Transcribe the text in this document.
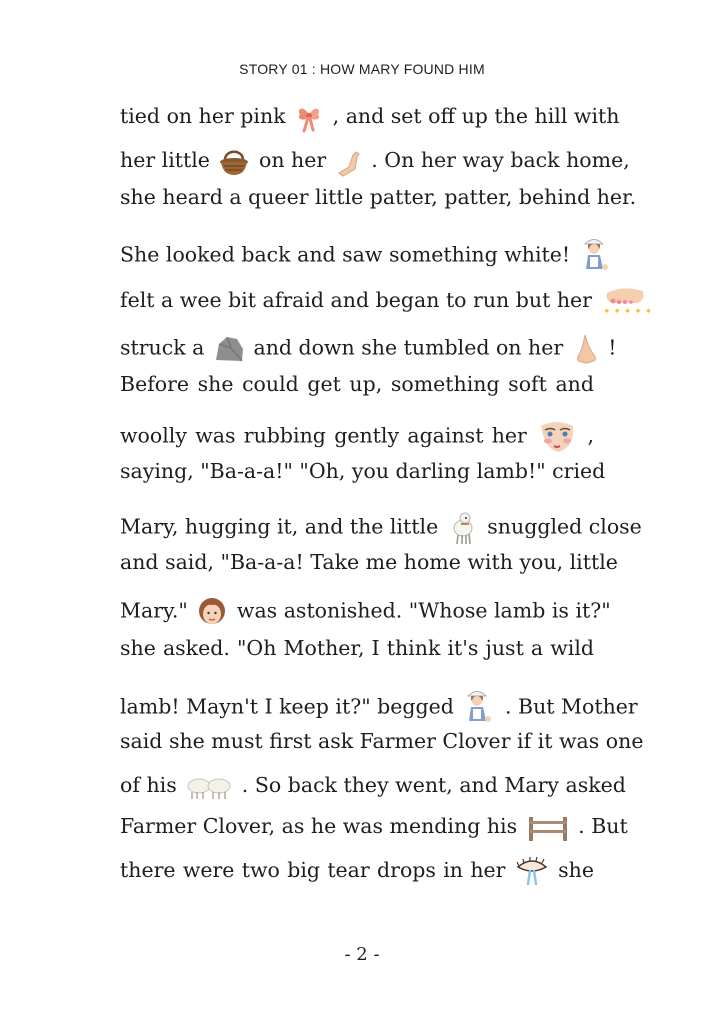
STORY 01 : HOW MARY FOUND HIM
tied on her pink , and set off up the hill with
her little on her . On her way back home,
she heard a queer little patter, patter, behind her.
She looked back and saw something white!
felt a wee bit afraid and began to run but her ✦ ✦ ✦ ✦ ✦
struck a and down she tumbled on her !
Before she could get up, something soft and
woolly was rubbing gently against her	,
saying, "Ba-a-a!" "Oh, you darling lamb!" cried
Mary, hugging it, and the little snuggled close
and said, "Ba-a-a! Take me home with you, little
Mary." was astonished. "Whose lamb is it?"
she asked. "Oh Mother, I think it's just a wild
lamb! Mayn't I keep it?" begged . But Mother
said she must first ask Farmer Clover if it was one
of his	. So back they went, and Mary asked
Farmer Clover, as he was mending his	. But
there were two big tear drops in her	she
- 2 -
